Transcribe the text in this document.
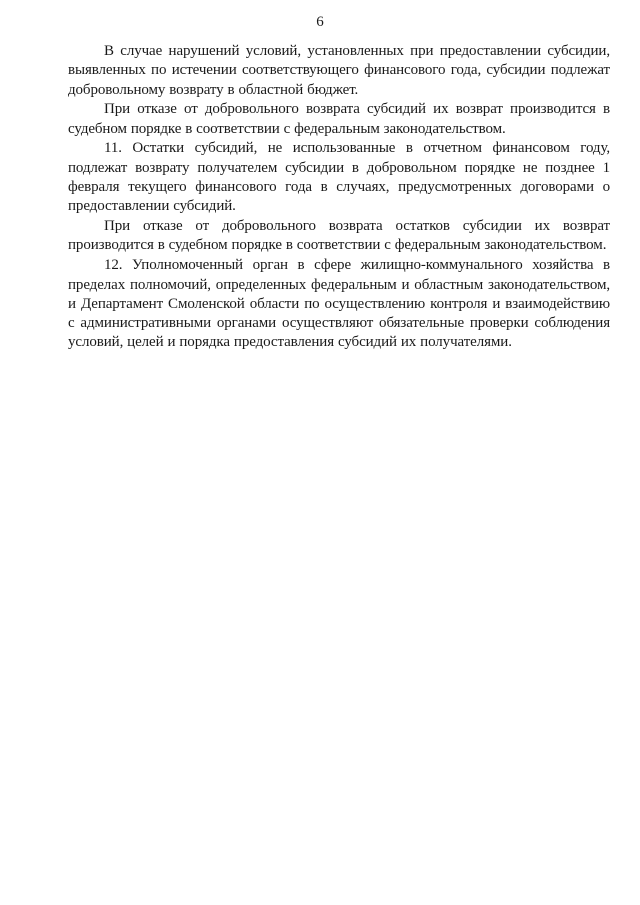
6

В случае нарушений условий, установленных при предоставлении субсидии, выявленных по истечении соответствующего финансового года, субсидии подлежат добровольному возврату в областной бюджет.

При отказе от добровольного возврата субсидий их возврат производится в судебном порядке в соответствии с федеральным законодательством.

11. Остатки субсидий, не использованные в отчетном финансовом году, подлежат возврату получателем субсидии в добровольном порядке не позднее 1 февраля текущего финансового года в случаях, предусмотренных договорами о предоставлении субсидий.

При отказе от добровольного возврата остатков субсидии их возврат производится в судебном порядке в соответствии с федеральным законодательством.

12. Уполномоченный орган в сфере жилищно-коммунального хозяйства в пределах полномочий, определенных федеральным и областным законодательством, и Департамент Смоленской области по осуществлению контроля и взаимодействию с административными органами осуществляют обязательные проверки соблюдения условий, целей и порядка предоставления субсидий их получателями.
